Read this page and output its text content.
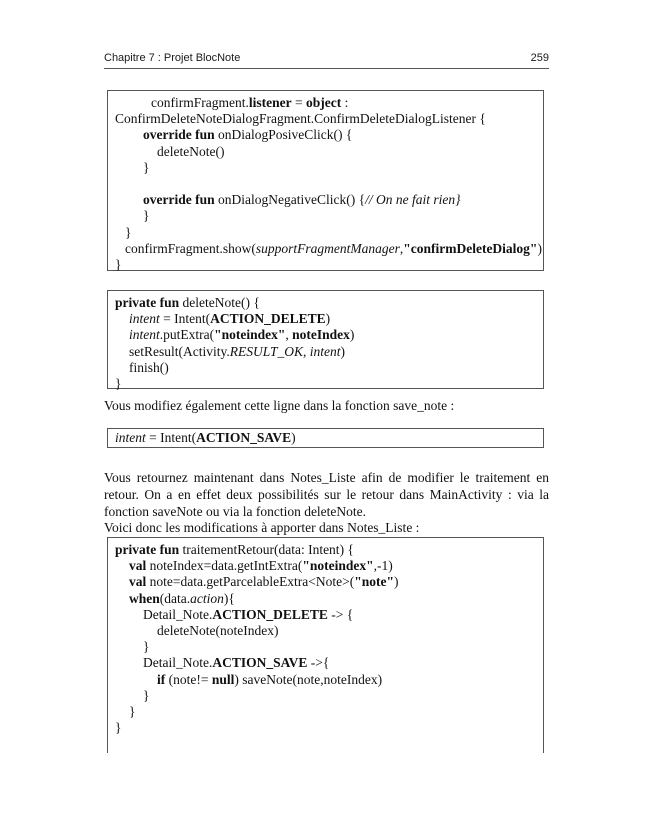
Chapitre 7 : Projet BlocNote	259
confirmFragment.listener = object :
ConfirmDeleteNoteDialogFragment.ConfirmDeleteDialogListener {
override fun onDialogPosiveClick() {
deleteNote()
}

override fun onDialogNegativeClick() {// On ne fait rien}
}
}
confirmFragment.show(supportFragmentManager,"confirmDeleteDialog")
}
private fun deleteNote() {
intent = Intent(ACTION_DELETE)
intent.putExtra("noteindex", noteIndex)
setResult(Activity.RESULT_OK, intent)
finish()
}

Vous modifiez également cette ligne dans la fonction save_note :

intent = Intent(ACTION_SAVE)

Vous retournez maintenant dans Notes_Liste afin de modifier le traitement en retour. On a en effet deux possibilités sur le retour dans MainActivity : via la fonction saveNote ou via la fonction deleteNote.

Voici donc les modifications à apporter dans Notes_Liste :

private fun traitementRetour(data: Intent) {
val noteIndex=data.getIntExtra("noteindex",-1)
val note=data.getParcelableExtra<Note>("note")
when(data.action){
Detail_Note.ACTION_DELETE -> {
deleteNote(noteIndex)
}
Detail_Note.ACTION_SAVE ->{
if (note!= null) saveNote(note,noteIndex)
}
}
}
